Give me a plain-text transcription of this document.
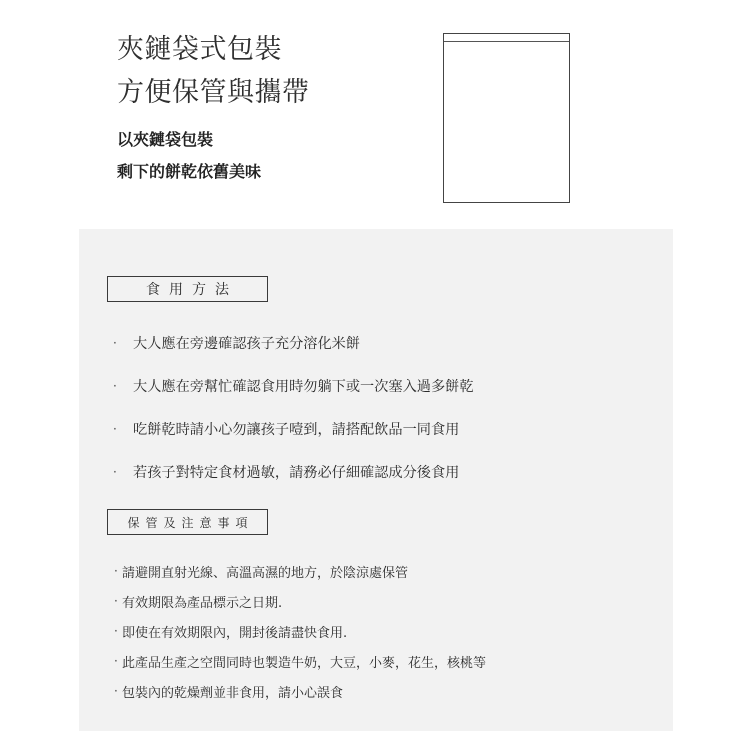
夾鏈袋式包裝
方便保管與攜帶
以夾鏈袋包裝
剩下的餅乾依舊美味
食用方法
·	大人應在旁邊確認孩子充分溶化米餅
·	大人應在旁幫忙確認食用時勿躺下或一次塞入過多餅乾
·	吃餅乾時請小心勿讓孩子噎到，請搭配飲品一同食用
·	若孩子對特定食材過敏，請務必仔細確認成分後食用
保管及注意事項
· 請避開直射光線、高溫高濕的地方，於陰涼處保管
· 有效期限為產品標示之日期.
· 即使在有效期限內，開封後請盡快食用.
· 此產品生產之空間同時也製造牛奶，大豆，小麥，花生，核桃等
· 包裝內的乾燥劑並非食用，請小心誤食
